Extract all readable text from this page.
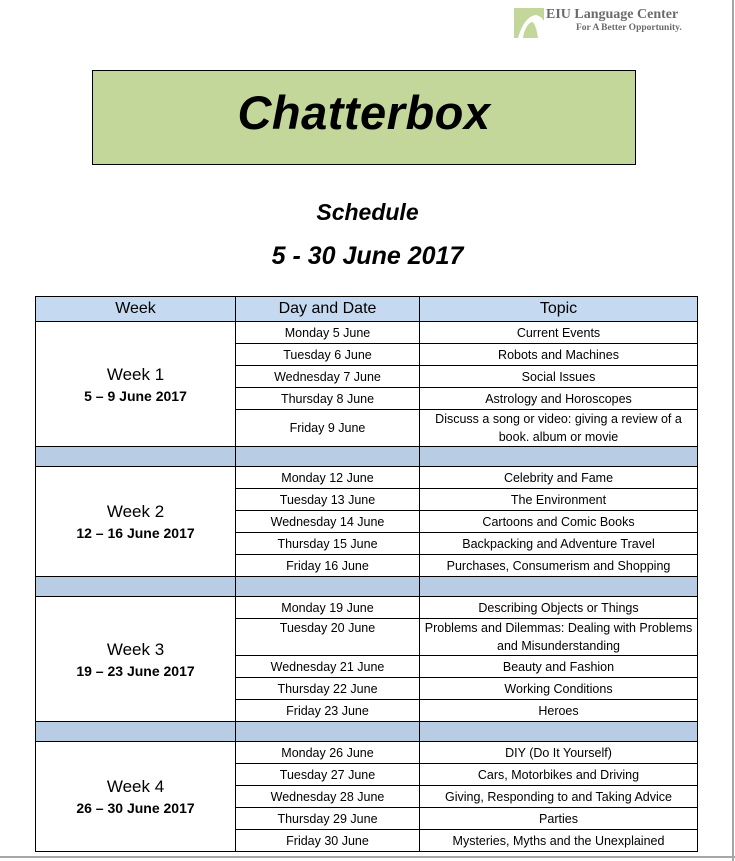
EIU Language Center
For A Better Opportunity.
Chatterbox
Schedule
5 - 30 June 2017
Week	Day and Date	Topic

Week 1
5 – 9 June 2017	Monday 5 June	Current Events
	Tuesday 6 June	Robots and Machines
	Wednesday 7 June	Social Issues
	Thursday 8 June	Astrology and Horoscopes
	Friday 9 June	Discuss a song or video: giving a review of a book. album or movie

Week 2
12 – 16 June 2017	Monday 12 June	Celebrity and Fame
	Tuesday 13 June	The Environment
	Wednesday 14 June	Cartoons and Comic Books
	Thursday 15 June	Backpacking and Adventure Travel
	Friday 16 June	Purchases, Consumerism and Shopping

Week 3
19 – 23 June 2017	Monday 19 June	Describing Objects or Things
	Tuesday 20 June	Problems and Dilemmas: Dealing with Problems and Misunderstanding
	Wednesday 21 June	Beauty and Fashion
	Thursday 22 June	Working Conditions
	Friday 23 June	Heroes

Week 4
26 – 30 June 2017	Monday 26 June	DIY (Do It Yourself)
	Tuesday 27 June	Cars, Motorbikes and Driving
	Wednesday 28 June	Giving, Responding to and Taking Advice
	Thursday 29 June	Parties
	Friday 30 June	Mysteries, Myths and the Unexplained
